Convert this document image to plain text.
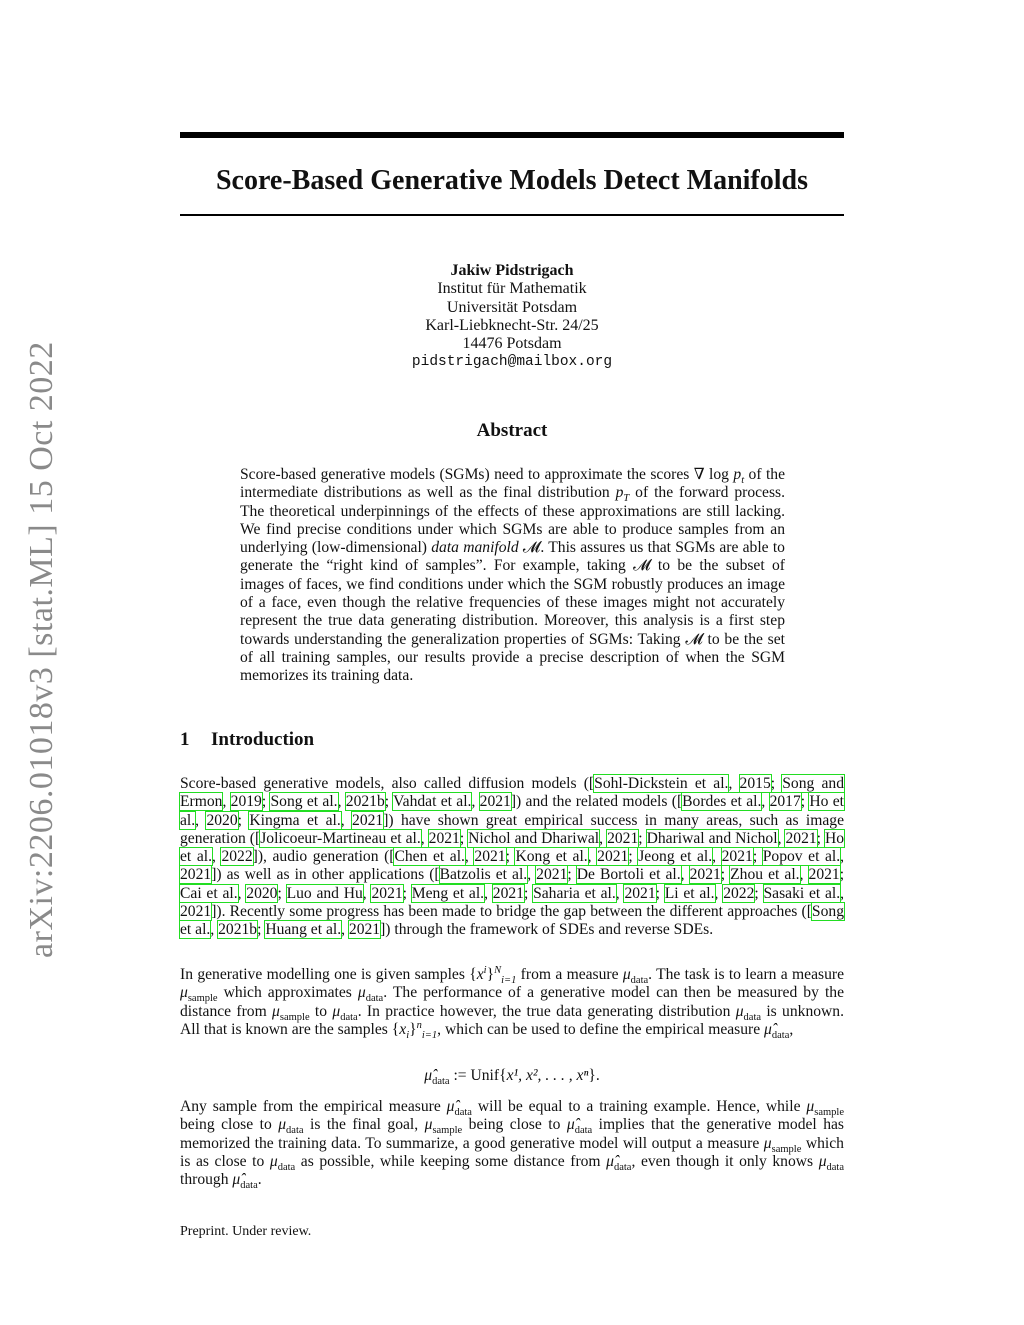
arXiv:2206.01018v3 [stat.ML] 15 Oct 2022
Score-Based Generative Models Detect Manifolds
Jakiw Pidstrigach
Institut für Mathematik
Universität Potsdam
Karl-Liebknecht-Str. 24/25
14476 Potsdam
pidstrigach@mailbox.org
Abstract

Score-based generative models (SGMs) need to approximate the scores ∇ $\log p_t$ of the intermediate distributions as well as the final distribution $p_T$ of the forward process. The theoretical underpinnings of the effects of these approximations are still lacking. We find precise conditions under which SGMs are able to produce samples from an underlying (low-dimensional) data manifold 𝓜. This assures us that SGMs are able to generate the “right kind of samples”. For example, taking 𝓜 to be the subset of images of faces, we find conditions under which the SGM robustly produces an image of a face, even though the relative frequencies of these images might not accurately represent the true data generating distribution. Moreover, this analysis is a first step towards understanding the generalization properties of SGMs: Taking 𝓜 to be the set of all training samples, our results provide a precise description of when the SGM memorizes its training data.

1 Introduction

Score-based generative models, also called diffusion models ([Sohl-Dickstein et al., 2015; Song and Ermon, 2019; Song et al., 2021b; Vahdat et al., 2021]) and the related models ([Bordes et al., 2017; Ho et al., 2020; Kingma et al., 2021]) have shown great empirical success in many areas, such as image generation ([Jolicoeur-Martineau et al., 2021; Nichol and Dhariwal, 2021; Dhariwal and Nichol, 2021; Ho et al., 2022]), audio generation ([Chen et al., 2021; Kong et al., 2021; Jeong et al., 2021; Popov et al., 2021]) as well as in other applications ([Batzolis et al., 2021; De Bortoli et al., 2021; Zhou et al., 2021; Cai et al., 2020; Luo and Hu, 2021; Meng et al., 2021; Saharia et al., 2021; Li et al., 2022; Sasaki et al., 2021]). Recently some progress has been made to bridge the gap between the different approaches ([Song et al., 2021b; Huang et al., 2021]) through the framework of SDEs and reverse SDEs.

In generative modelling one is given samples $\{x^i\}^N_{i=1}$ from a measure $\mu_{data}$. The task is to learn a measure $\mu_{sample}$ which approximates $\mu_{data}$. The performance of a generative model can then be measured by the distance from $\mu_{sample}$ to $\mu_{data}$. In practice however, the true data generating distribution $\mu_{data}$ is unknown. All that is known are the samples $\{x_i\}^n_{i=1}$, which can be used to define the empirical measure $\mû_{data}$,

$\mû_{data}$ := Unif{x¹, x², . . . , xⁿ}.

Any sample from the empirical measure $\mû_{data}$ will be equal to a training example. Hence, while $\mu_{sample}$ being close to $\mu_{data}$ is the final goal, $\mu_{sample}$ being close to $\mû_{data}$ implies that the generative model has memorized the training data. To summarize, a good generative model will output a measure $\mu_{sample}$ which is as close to $\mu_{data}$ as possible, while keeping some distance from $\mû_{data}$, even though it only knows $\mu_{data}$ through $\mû_{data}$.

Preprint. Under review.
